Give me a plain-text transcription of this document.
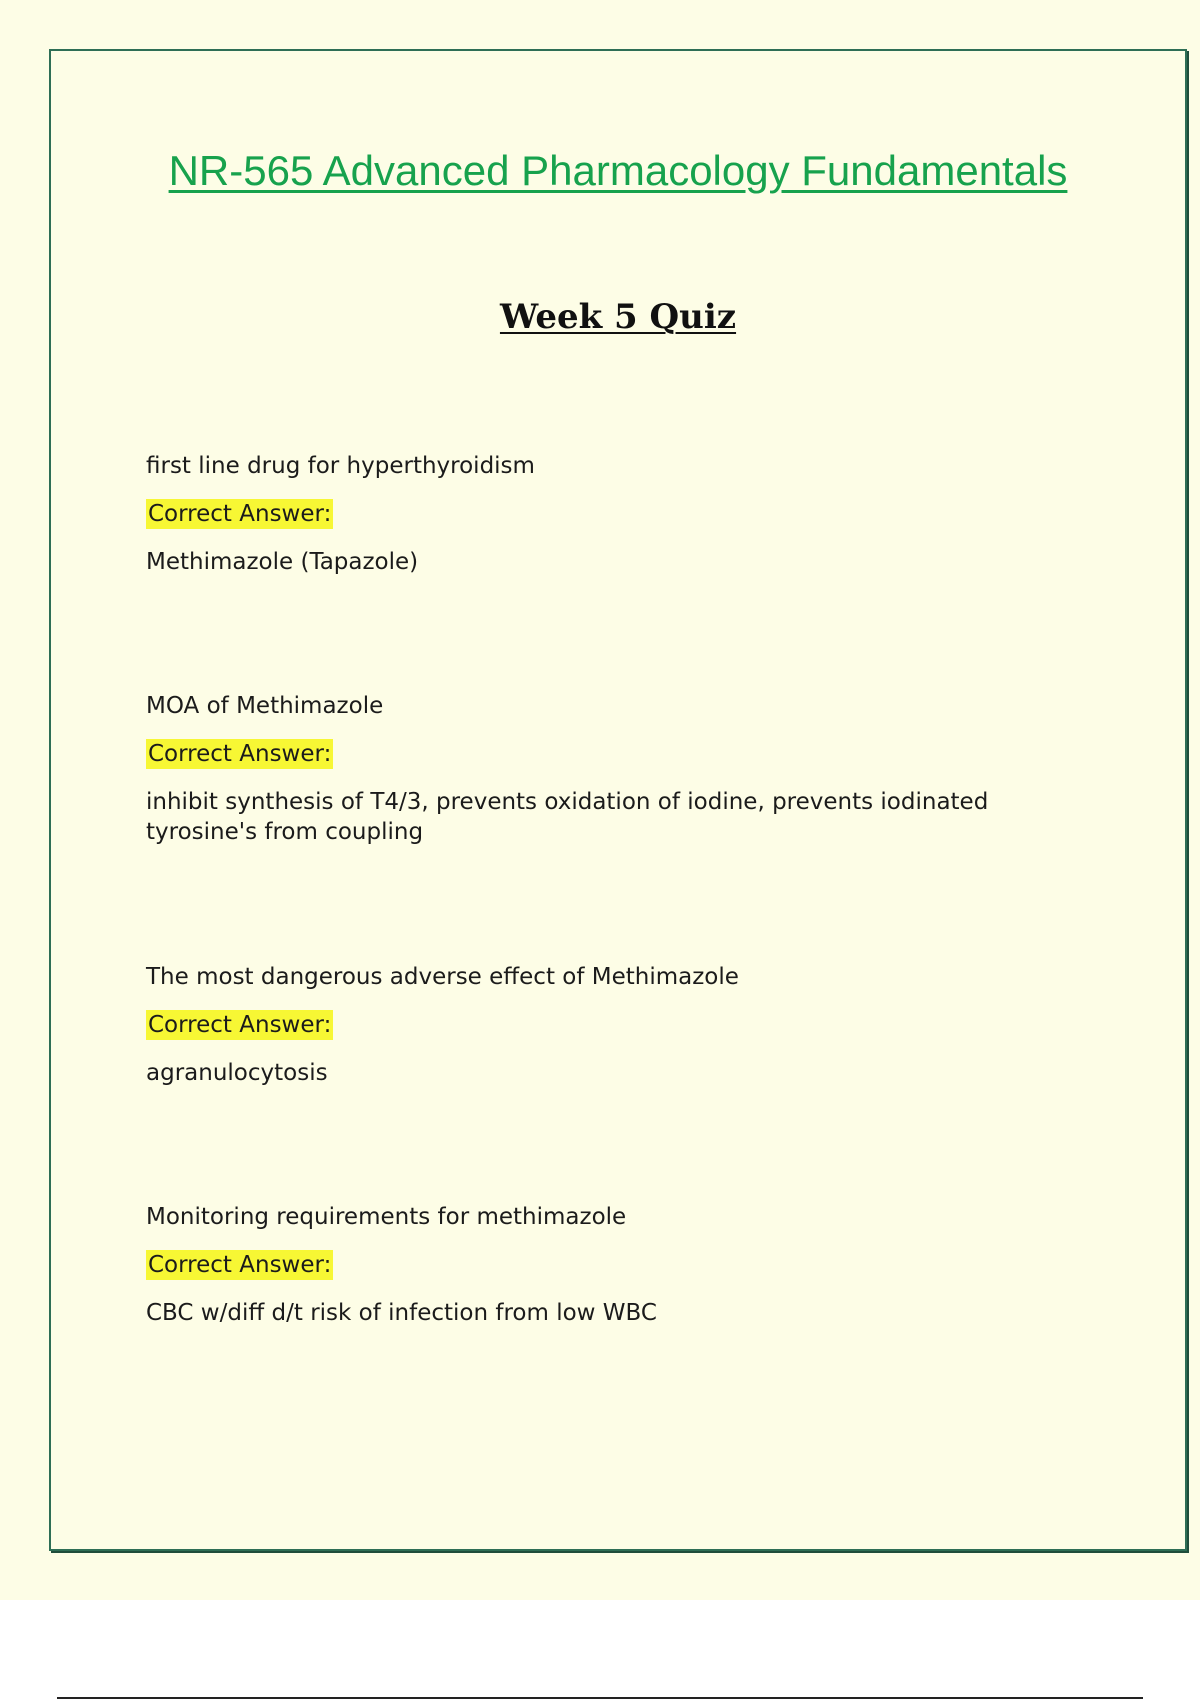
NR-565 Advanced Pharmacology Fundamentals
Week 5 Quiz

first line drug for hyperthyroidism

Correct Answer:

Methimazole (Tapazole)

MOA of Methimazole

Correct Answer:

inhibit synthesis of T4/3, prevents oxidation of iodine, prevents iodinated tyrosine's from coupling

The most dangerous adverse effect of Methimazole

Correct Answer:

agranulocytosis

Monitoring requirements for methimazole

Correct Answer:

CBC w/diff d/t risk of infection from low WBC
